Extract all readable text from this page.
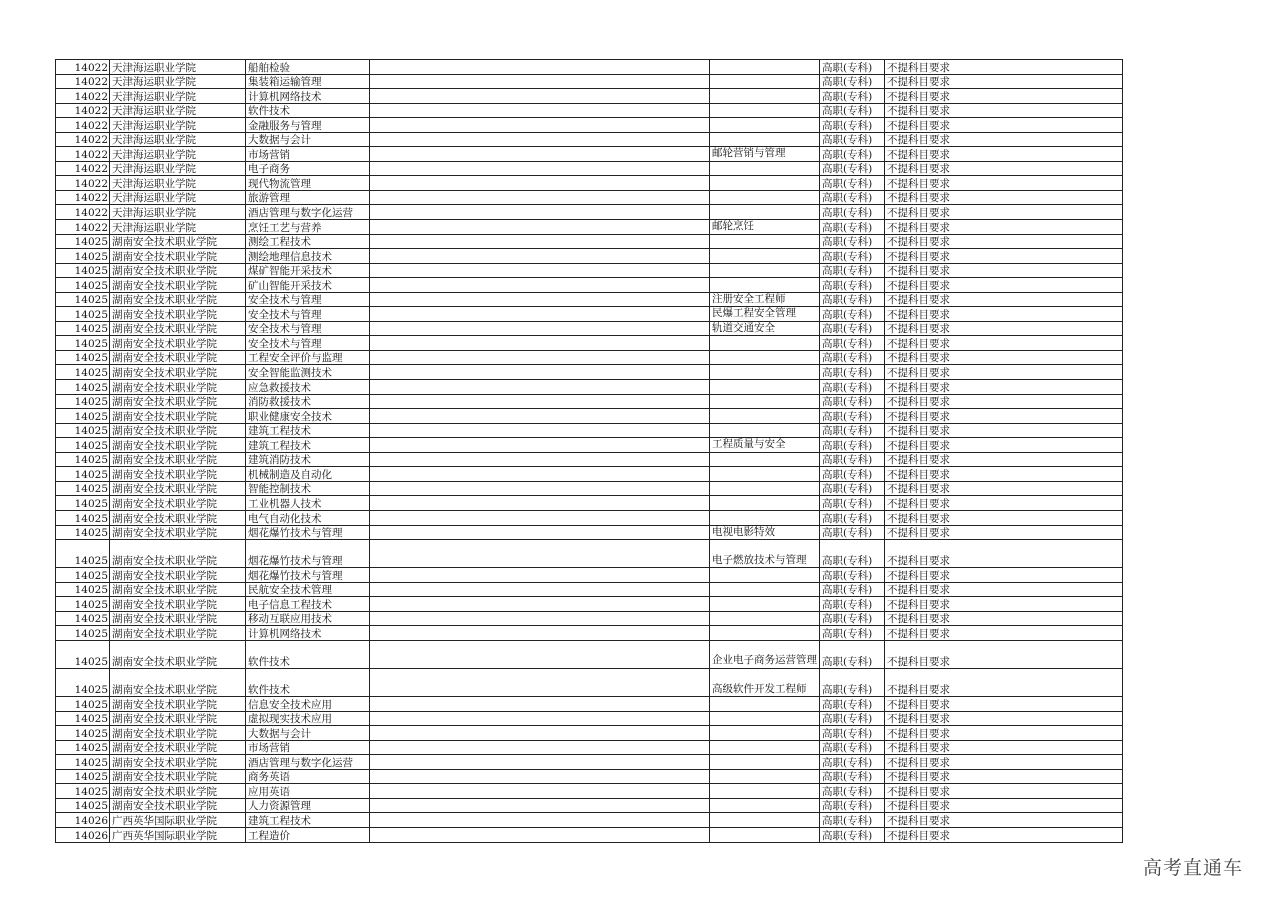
14022	天津海运职业学院	船舶检验			高职(专科)	不提科目要求
14022	天津海运职业学院	集装箱运输管理			高职(专科)	不提科目要求
14022	天津海运职业学院	计算机网络技术			高职(专科)	不提科目要求
14022	天津海运职业学院	软件技术			高职(专科)	不提科目要求
14022	天津海运职业学院	金融服务与管理			高职(专科)	不提科目要求
14022	天津海运职业学院	大数据与会计			高职(专科)	不提科目要求
14022	天津海运职业学院	市场营销		邮轮营销与管理	高职(专科)	不提科目要求
14022	天津海运职业学院	电子商务			高职(专科)	不提科目要求
14022	天津海运职业学院	现代物流管理			高职(专科)	不提科目要求
14022	天津海运职业学院	旅游管理			高职(专科)	不提科目要求
14022	天津海运职业学院	酒店管理与数字化运营			高职(专科)	不提科目要求
14022	天津海运职业学院	烹饪工艺与营养		邮轮烹饪	高职(专科)	不提科目要求
14025	湖南安全技术职业学院	测绘工程技术			高职(专科)	不提科目要求
14025	湖南安全技术职业学院	测绘地理信息技术			高职(专科)	不提科目要求
14025	湖南安全技术职业学院	煤矿智能开采技术			高职(专科)	不提科目要求
14025	湖南安全技术职业学院	矿山智能开采技术			高职(专科)	不提科目要求
14025	湖南安全技术职业学院	安全技术与管理		注册安全工程师	高职(专科)	不提科目要求
14025	湖南安全技术职业学院	安全技术与管理		民爆工程安全管理	高职(专科)	不提科目要求
14025	湖南安全技术职业学院	安全技术与管理		轨道交通安全	高职(专科)	不提科目要求
14025	湖南安全技术职业学院	安全技术与管理			高职(专科)	不提科目要求
14025	湖南安全技术职业学院	工程安全评价与监理			高职(专科)	不提科目要求
14025	湖南安全技术职业学院	安全智能监测技术			高职(专科)	不提科目要求
14025	湖南安全技术职业学院	应急救援技术			高职(专科)	不提科目要求
14025	湖南安全技术职业学院	消防救援技术			高职(专科)	不提科目要求
14025	湖南安全技术职业学院	职业健康安全技术			高职(专科)	不提科目要求
14025	湖南安全技术职业学院	建筑工程技术			高职(专科)	不提科目要求
14025	湖南安全技术职业学院	建筑工程技术		工程质量与安全	高职(专科)	不提科目要求
14025	湖南安全技术职业学院	建筑消防技术			高职(专科)	不提科目要求
14025	湖南安全技术职业学院	机械制造及自动化			高职(专科)	不提科目要求
14025	湖南安全技术职业学院	智能控制技术			高职(专科)	不提科目要求
14025	湖南安全技术职业学院	工业机器人技术			高职(专科)	不提科目要求
14025	湖南安全技术职业学院	电气自动化技术			高职(专科)	不提科目要求
14025	湖南安全技术职业学院	烟花爆竹技术与管理		电视电影特效	高职(专科)	不提科目要求
14025	湖南安全技术职业学院	烟花爆竹技术与管理		电子燃放技术与管理	高职(专科)	不提科目要求
14025	湖南安全技术职业学院	烟花爆竹技术与管理			高职(专科)	不提科目要求
14025	湖南安全技术职业学院	民航安全技术管理			高职(专科)	不提科目要求
14025	湖南安全技术职业学院	电子信息工程技术			高职(专科)	不提科目要求
14025	湖南安全技术职业学院	移动互联应用技术			高职(专科)	不提科目要求
14025	湖南安全技术职业学院	计算机网络技术			高职(专科)	不提科目要求
14025	湖南安全技术职业学院	软件技术		企业电子商务运营管理	高职(专科)	不提科目要求
14025	湖南安全技术职业学院	软件技术		高级软件开发工程师	高职(专科)	不提科目要求
14025	湖南安全技术职业学院	信息安全技术应用			高职(专科)	不提科目要求
14025	湖南安全技术职业学院	虚拟现实技术应用			高职(专科)	不提科目要求
14025	湖南安全技术职业学院	大数据与会计			高职(专科)	不提科目要求
14025	湖南安全技术职业学院	市场营销			高职(专科)	不提科目要求
14025	湖南安全技术职业学院	酒店管理与数字化运营			高职(专科)	不提科目要求
14025	湖南安全技术职业学院	商务英语			高职(专科)	不提科目要求
14025	湖南安全技术职业学院	应用英语			高职(专科)	不提科目要求
14025	湖南安全技术职业学院	人力资源管理			高职(专科)	不提科目要求
14026	广西英华国际职业学院	建筑工程技术			高职(专科)	不提科目要求
14026	广西英华国际职业学院	工程造价			高职(专科)	不提科目要求
高考直通车
